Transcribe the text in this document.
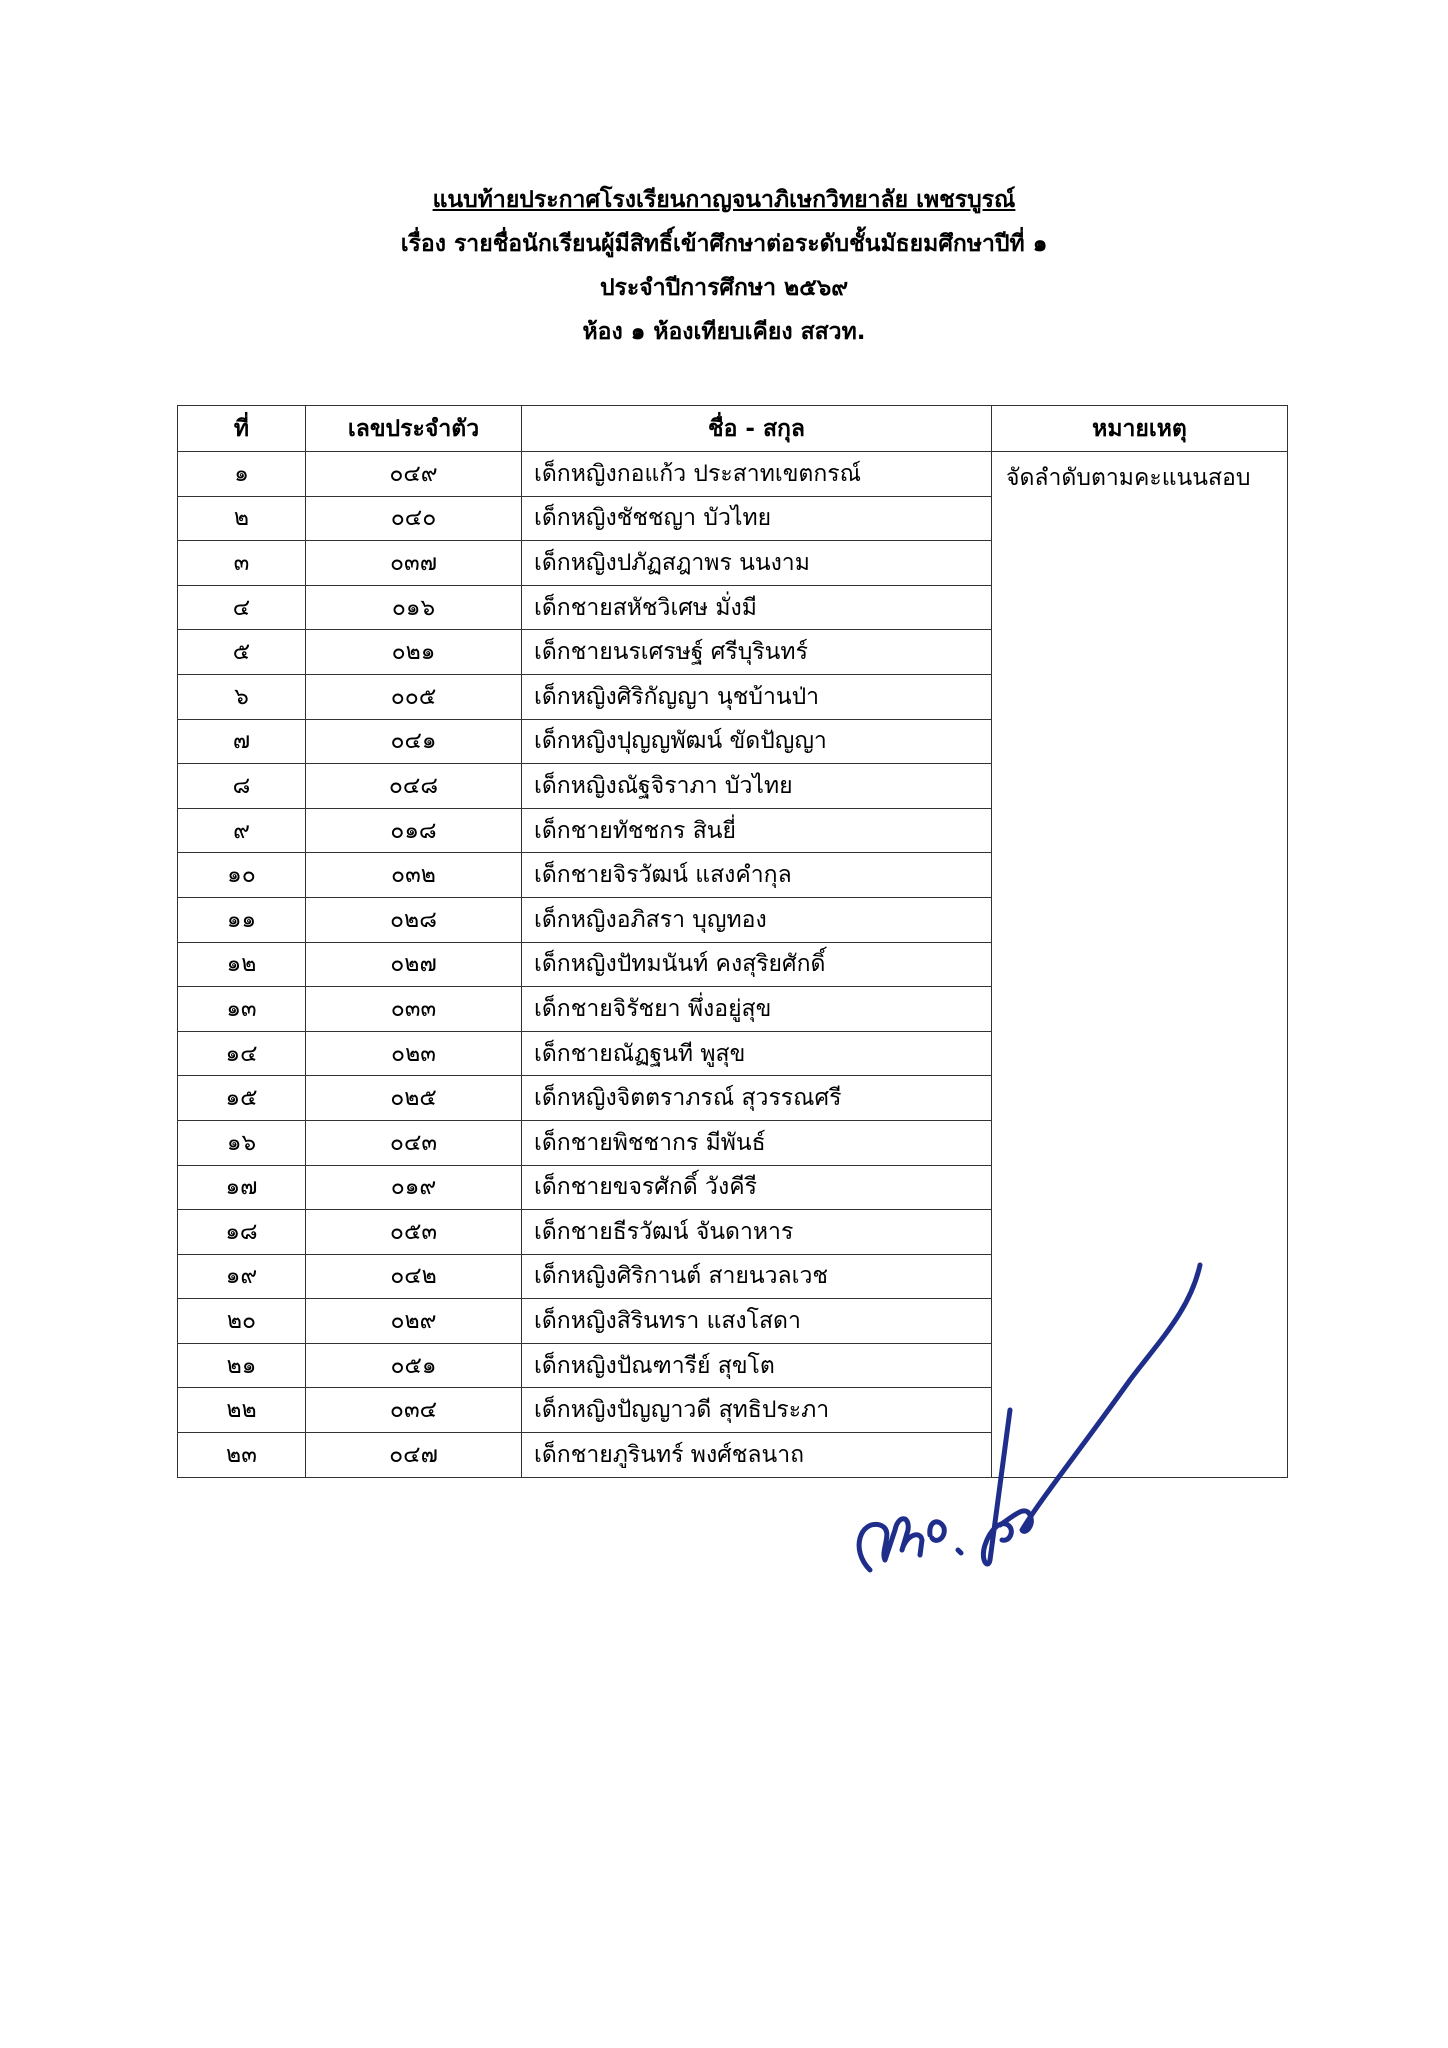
แนบท้ายประกาศโรงเรียนกาญจนาภิเษกวิทยาลัย เพชรบูรณ์
เรื่อง รายชื่อนักเรียนผู้มีสิทธิ์เข้าศึกษาต่อระดับชั้นมัธยมศึกษาปีที่ ๑
ประจำปีการศึกษา ๒๕๖๙
ห้อง ๑ ห้องเทียบเคียง สสวท.
ที่	เลขประจำตัว	ชื่อ - สกุล	หมายเหตุ
๑	๐๔๙	เด็กหญิงกอแก้ว ประสาทเขตกรณ์	จัดลำดับตามคะแนนสอบ
๒	๐๔๐	เด็กหญิงชัชชญา บัวไทย	
๓	๐๓๗	เด็กหญิงปภัฏสฎาพร นนงาม	
๔	๐๑๖	เด็กชายสหัชวิเศษ มั่งมี	
๕	๐๒๑	เด็กชายนรเศรษฐ์ ศรีบุรินทร์	
๖	๐๐๕	เด็กหญิงศิริกัญญา นุชบ้านป่า	
๗	๐๔๑	เด็กหญิงปุญญพัฒน์ ขัดปัญญา	
๘	๐๔๘	เด็กหญิงณัฐจิราภา บัวไทย	
๙	๐๑๘	เด็กชายทัชชกร สินยี่	
๑๐	๐๓๒	เด็กชายจิรวัฒน์ แสงคำกุล	
๑๑	๐๒๘	เด็กหญิงอภิสรา บุญทอง	
๑๒	๐๒๗	เด็กหญิงปัทมนันท์ คงสุริยศักดิ์	
๑๓	๐๓๓	เด็กชายจิรัชยา พึ่งอยู่สุข	
๑๔	๐๒๓	เด็กชายณัฏฐนที พูสุข	
๑๕	๐๒๕	เด็กหญิงจิตตราภรณ์ สุวรรณศรี	
๑๖	๐๔๓	เด็กชายพิชชากร มีพันธ์	
๑๗	๐๑๙	เด็กชายขจรศักดิ์ วังคีรี	
๑๘	๐๕๓	เด็กชายธีรวัฒน์ จันดาหาร	
๑๙	๐๔๒	เด็กหญิงศิริกานต์ สายนวลเวช	
๒๐	๐๒๙	เด็กหญิงสิรินทรา แสงโสดา	
๒๑	๐๕๑	เด็กหญิงปัณฑารีย์ สุขโต	
๒๒	๐๓๔	เด็กหญิงปัญญาวดี สุทธิประภา	
๒๓	๐๔๗	เด็กชายภูรินทร์ พงศ์ชลนาถ	
